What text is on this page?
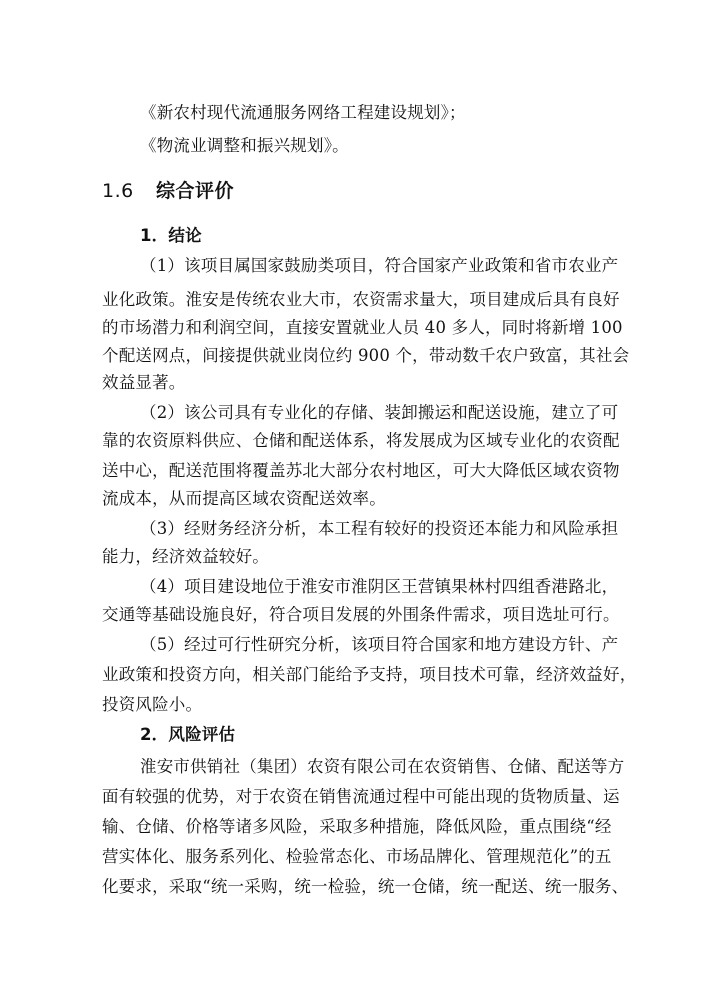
《新农村现代流通服务网络工程建设规划》；
《物流业调整和振兴规划》。
1.6 综合评价
1．结论
（1）该项目属国家鼓励类项目，符合国家产业政策和省市农业产
业化政策。淮安是传统农业大市，农资需求量大，项目建成后具有良好
的市场潜力和利润空间，直接安置就业人员 40 多人，同时将新增 100
个配送网点，间接提供就业岗位约 900 个，带动数千农户致富，其社会
效益显著。
（2）该公司具有专业化的存储、装卸搬运和配送设施，建立了可
靠的农资原料供应、仓储和配送体系，将发展成为区域专业化的农资配
送中心，配送范围将覆盖苏北大部分农村地区，可大大降低区域农资物
流成本，从而提高区域农资配送效率。
（3）经财务经济分析，本工程有较好的投资还本能力和风险承担
能力，经济效益较好。
（4）项目建设地位于淮安市淮阴区王营镇果林村四组香港路北，
交通等基础设施良好，符合项目发展的外围条件需求，项目选址可行。
（5）经过可行性研究分析，该项目符合国家和地方建设方针、产
业政策和投资方向，相关部门能给予支持，项目技术可靠，经济效益好，
投资风险小。
2．风险评估
淮安市供销社（集团）农资有限公司在农资销售、仓储、配送等方
面有较强的优势，对于农资在销售流通过程中可能出现的货物质量、运
输、仓储、价格等诸多风险，采取多种措施，降低风险，重点围绕“经
营实体化、服务系列化、检验常态化、市场品牌化、管理规范化”的五
化要求，采取“统一采购，统一检验，统一仓储，统一配送、统一服务、
